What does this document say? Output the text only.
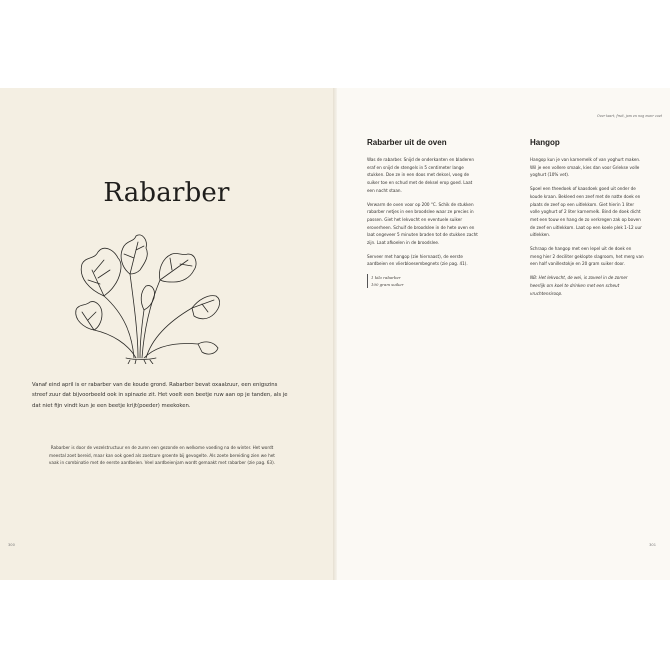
Rabarber
Vanaf eind april is er rabarber van de koude grond. Rabarber bevat oxaalzuur, een enigszins streef zuur dat bijvoorbeeld ook in spinazie zit. Het voelt een beetje ruw aan op je tanden, als je dat niet fijn vindt kun je een beetje krijt(poeder) meekoken.
Rabarber is door de vezelstructuur en de zuren een gezonde en welkome voeding na de winter. Het wordt meestal zoet bereid, maar kan ook goed als zoetzure groente bij gevogelte. Als zoete bereiding zien we het vaak in combinatie met de eerste aardbeien. Veel aardbeienjam wordt gemaakt met rabarber (zie pag. 63).
300
Over taart, fruit, jam en nog meer zoet
Rabarber uit de oven

Was de rabarber. Snijd de onderkanten en bladeren eraf en snijd de stengels in 5 centimeter lange stukken. Doe ze in een doos met deksel, voeg de suiker toe en schud met de deksel erop goed. Laat een nacht staan.

Verwarm de oven voor op 200 °C. Schik de stukken rabarber netjes in een broodslee waar ze precies in passen. Giet het lekvocht en eventuele suiker eroverheen. Schuif de broodslee in de hete oven en laat ongeveer 5 minuten braden tot de stukken zacht zijn. Laat afkoelen in de broodslee.

Serveer met hangop (zie hiernaast), de eerste aardbeien en vlierbloesembegnets (zie pag. 41).

1 kilo rabarber
100 gram suiker
Hangop

Hangop kun je van karnemelk of van yoghurt maken. Wil je een vollere smaak, kies dan voor Griekse volle yoghurt (10% vet).

Spoel een theedoek of kaasdoek goed uit onder de koude kraan. Bekleed een zeef met de natte doek en plaats de zeef op een uitlekkom. Giet hierin 1 liter volle yoghurt of 2 liter karnemelk. Bind de doek dicht met een touw en hang de zo verkregen zak op boven de zeef en uitlekkom. Laat op een koele plek 1-12 uur uitlekken.

Schraap de hangop met een lepel uit de doek en meng hier 2 deciliter geklopte slagroom, het merg van een half vanillestokje en 20 gram suiker door.

NB: Het lekvocht, de wei, is zoveel in de zomer heerlijk om koel te drinken met een scheut vruchtensiroop.

301
